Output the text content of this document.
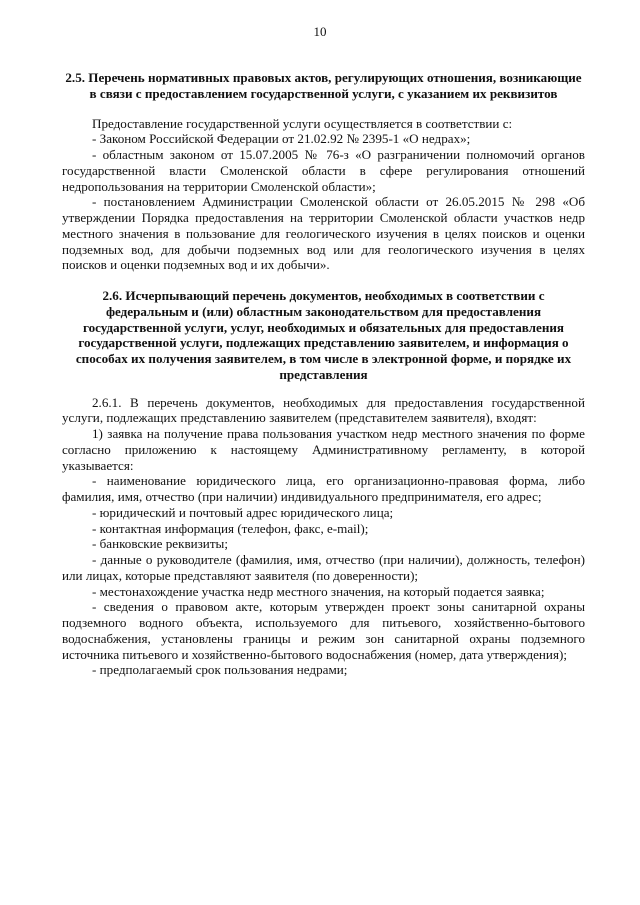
10

2.5. Перечень нормативных правовых актов, регулирующих отношения, возникающие в связи с предоставлением государственной услуги, с указанием их реквизитов

Предоставление государственной услуги осуществляется в соответствии с:

- Законом Российской Федерации от 21.02.92 № 2395-1 «О недрах»;

- областным законом от 15.07.2005 № 76-з «О разграничении полномочий органов государственной власти Смоленской области в сфере регулирования отношений недропользования на территории Смоленской области»;

- постановлением Администрации Смоленской области от 26.05.2015 № 298 «Об утверждении Порядка предоставления на территории Смоленской области участков недр местного значения в пользование для геологического изучения в целях поисков и оценки подземных вод, для добычи подземных вод или для геологического изучения в целях поисков и оценки подземных вод и их добычи».

2.6. Исчерпывающий перечень документов, необходимых в соответствии с федеральным и (или) областным законодательством для предоставления государственной услуги, услуг, необходимых и обязательных для предоставления государственной услуги, подлежащих представлению заявителем, и информация о способах их получения заявителем, в том числе в электронной форме, и порядке их представления

2.6.1. В перечень документов, необходимых для предоставления государственной услуги, подлежащих представлению заявителем (представителем заявителя), входят:

1) заявка на получение права пользования участком недр местного значения по форме согласно приложению к настоящему Административному регламенту, в которой указывается:

- наименование юридического лица, его организационно-правовая форма, либо фамилия, имя, отчество (при наличии) индивидуального предпринимателя, его адрес;

- юридический и почтовый адрес юридического лица;

- контактная информация (телефон, факс, e-mail);

- банковские реквизиты;

- данные о руководителе (фамилия, имя, отчество (при наличии), должность, телефон) или лицах, которые представляют заявителя (по доверенности);

- местонахождение участка недр местного значения, на который подается заявка;

- сведения о правовом акте, которым утвержден проект зоны санитарной охраны подземного водного объекта, используемого для питьевого, хозяйственно-бытового водоснабжения, установлены границы и режим зон санитарной охраны подземного источника питьевого и хозяйственно-бытового водоснабжения (номер, дата утверждения);

- предполагаемый срок пользования недрами;
